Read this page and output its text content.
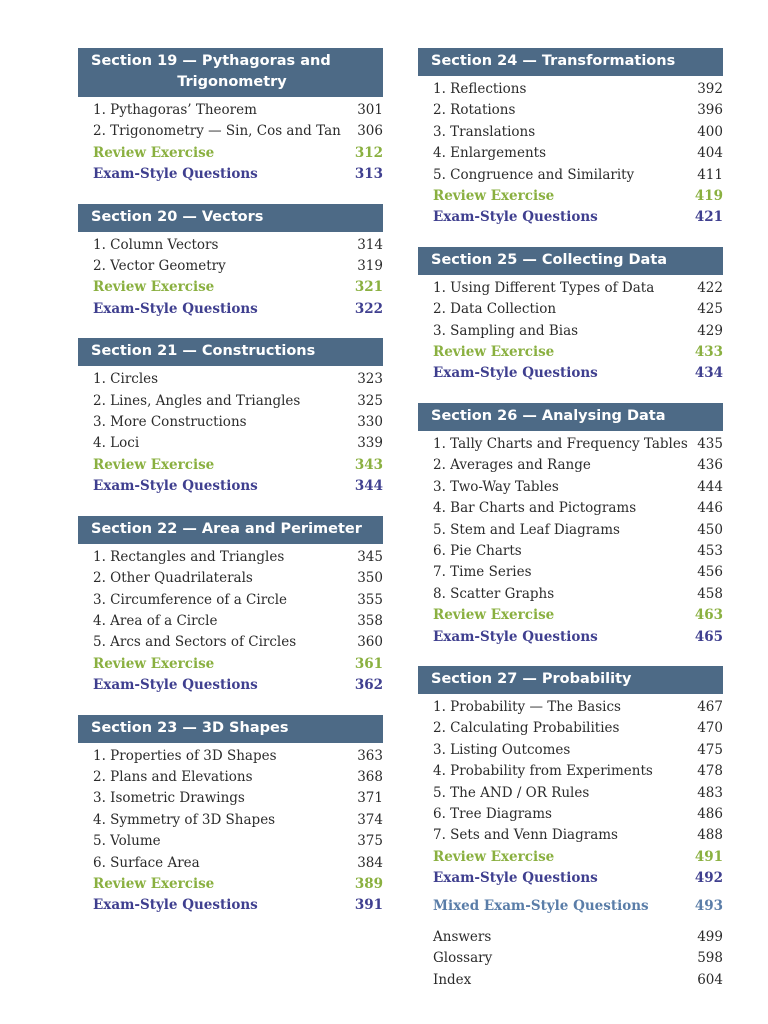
Section 19 — Pythagoras and
Trigonometry
1. Pythagoras’ Theorem	301
2. Trigonometry — Sin, Cos and Tan	306
Review Exercise	312
Exam-Style Questions	313
Section 20 — Vectors
1. Column Vectors	314
2. Vector Geometry	319
Review Exercise	321
Exam-Style Questions	322
Section 21 — Constructions
1. Circles	323
2. Lines, Angles and Triangles	325
3. More Constructions	330
4. Loci	339
Review Exercise	343
Exam-Style Questions	344
Section 22 — Area and Perimeter
1. Rectangles and Triangles	345
2. Other Quadrilaterals	350
3. Circumference of a Circle	355
4. Area of a Circle	358
5. Arcs and Sectors of Circles	360
Review Exercise	361
Exam-Style Questions	362
Section 23 — 3D Shapes
1. Properties of 3D Shapes	363
2. Plans and Elevations	368
3. Isometric Drawings	371
4. Symmetry of 3D Shapes	374
5. Volume	375
6. Surface Area	384
Review Exercise	389
Exam-Style Questions	391
Section 24 — Transformations
1. Reflections	392
2. Rotations	396
3. Translations	400
4. Enlargements	404
5. Congruence and Similarity	411
Review Exercise	419
Exam-Style Questions	421
Section 25 — Collecting Data
1. Using Different Types of Data	422
2. Data Collection	425
3. Sampling and Bias	429
Review Exercise	433
Exam-Style Questions	434
Section 26 — Analysing Data
1. Tally Charts and Frequency Tables 435
2. Averages and Range	436
3. Two-Way Tables	444
4. Bar Charts and Pictograms	446
5. Stem and Leaf Diagrams	450
6. Pie Charts	453
7. Time Series	456
8. Scatter Graphs	458
Review Exercise	463
Exam-Style Questions	465
Section 27 — Probability
1. Probability — The Basics	467
2. Calculating Probabilities	470
3. Listing Outcomes	475
4. Probability from Experiments	478
5. The AND / OR Rules	483
6. Tree Diagrams	486
7. Sets and Venn Diagrams	488
Review Exercise	491
Exam-Style Questions	492
Mixed Exam-Style Questions	493
Answers	499
Glossary	598
Index	604
